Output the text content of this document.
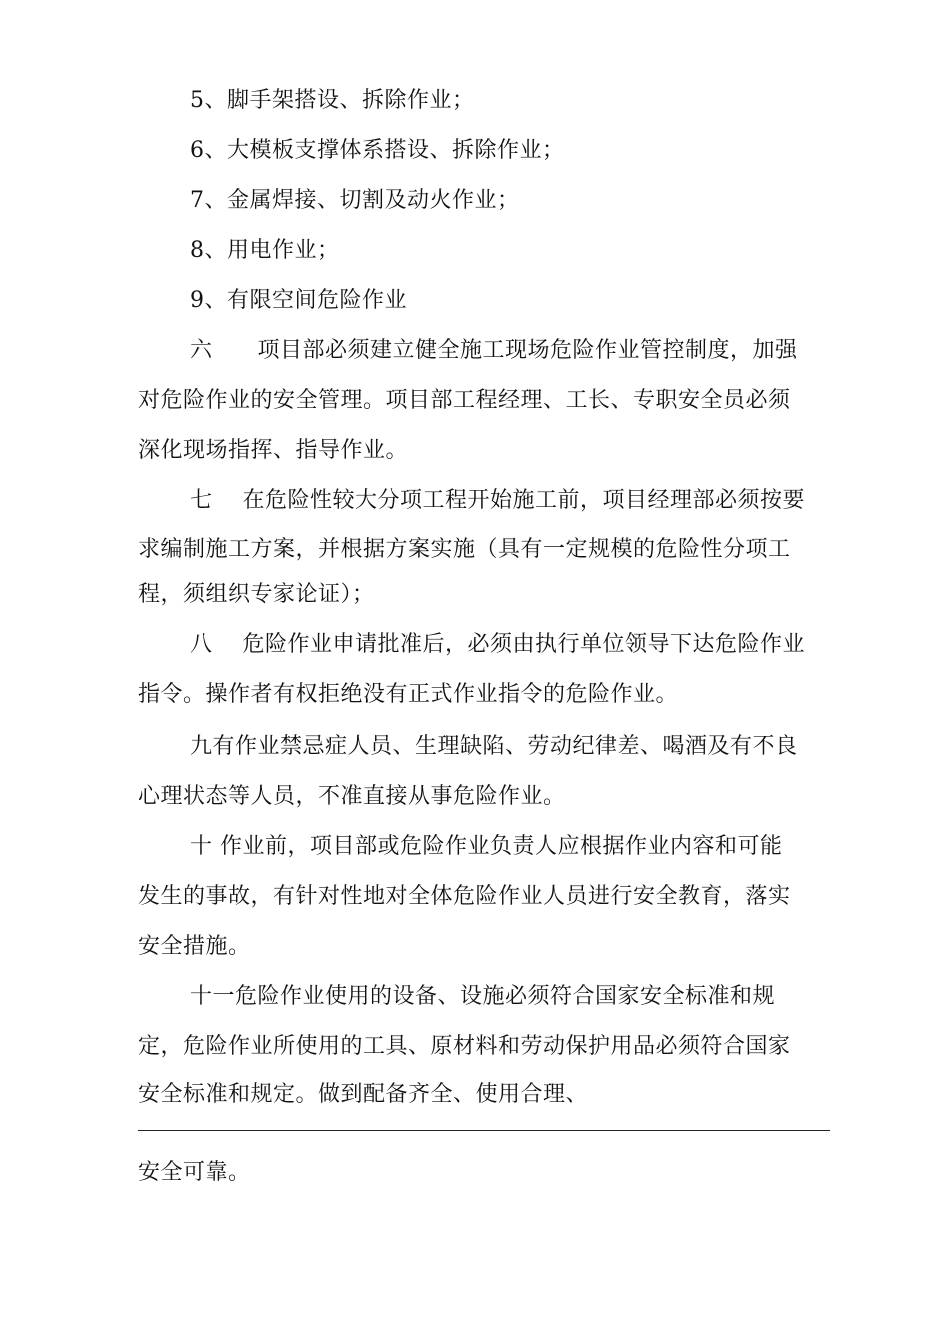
5、脚手架搭设、拆除作业；
6、大模板支撑体系搭设、拆除作业；
7、金属焊接、切割及动火作业；
8、用电作业；
9、有限空间危险作业
六　　项目部必须建立健全施工现场危险作业管控制度，加强
对危险作业的安全管理。项目部工程经理、工长、专职安全员必须
深化现场指挥、指导作业。
七　 在危险性较大分项工程开始施工前，项目经理部必须按要
求编制施工方案，并根据方案实施（具有一定规模的危险性分项工
程，须组织专家论证）；
八　 危险作业申请批准后，必须由执行单位领导下达危险作业
指令。操作者有权拒绝没有正式作业指令的危险作业。
九有作业禁忌症人员、生理缺陷、劳动纪律差、喝酒及有不良
心理状态等人员，不准直接从事危险作业。
十 作业前，项目部或危险作业负责人应根据作业内容和可能
发生的事故，有针对性地对全体危险作业人员进行安全教育，落实
安全措施。
十一危险作业使用的设备、设施必须符合国家安全标准和规
定，危险作业所使用的工具、原材料和劳动保护用品必须符合国家
安全标准和规定。做到配备齐全、使用合理、
安全可靠。
